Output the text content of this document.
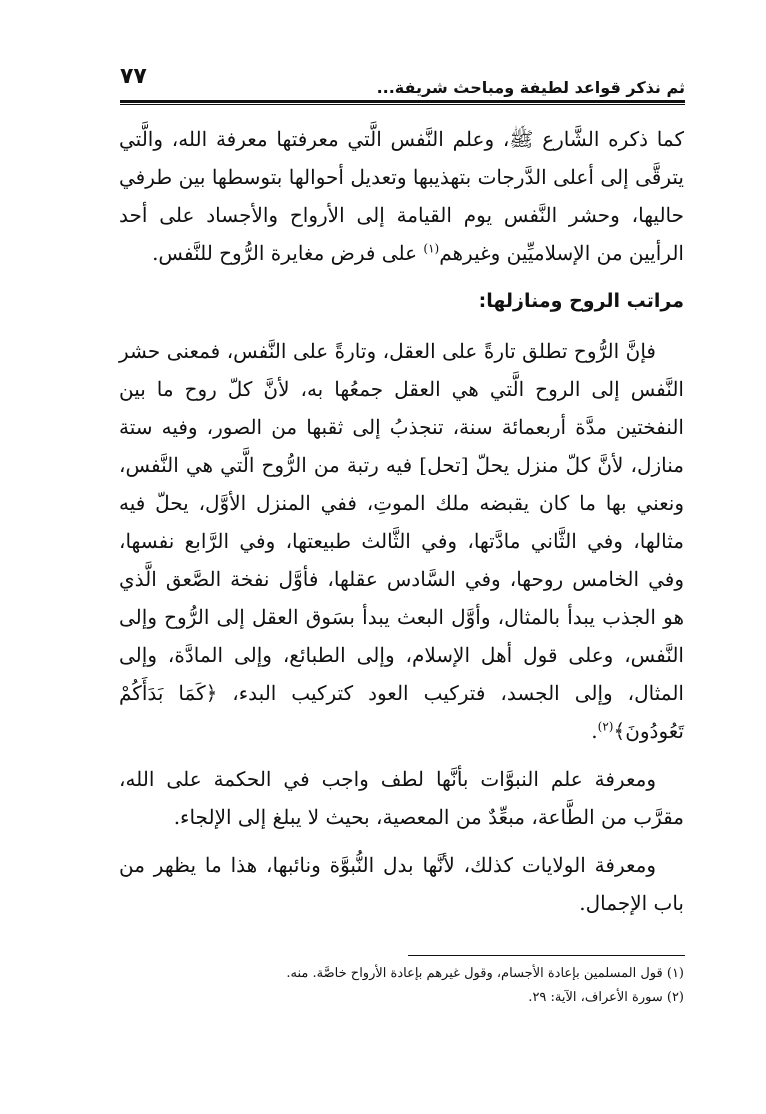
ثم نذكر قواعد لطيفة ومباحث شريفة...
٧٧

كما ذكره الشَّارع ﷺ، وعلم النَّفس الَّتي معرفتها معرفة الله، والَّتي يترقَّى إلى أعلى الدَّرجات بتهذيبها وتعديل أحوالها بتوسطها بين طرفي حاليها، وحشر النَّفس يوم القيامة إلى الأرواح والأجساد على أحد الرأيين من الإسلاميِّين وغيرهم$^{(١)}$ على فرض مغايرة الرُّوح للنَّفس.

مراتب الروح ومنازلها:

فإنَّ الرُّوح تطلق تارةً على العقل، وتارةً على النَّفس، فمعنى حشر النَّفس إلى الروح الَّتي هي العقل جمعُها به، لأنَّ كلّ روح ما بين النفختين مدَّة أربعمائة سنة، تنجذبُ إلى ثقبها من الصور، وفيه ستة منازل، لأنَّ كلّ منزل يحلّ [تحل] فيه رتبة من الرُّوح الَّتي هي النَّفس، ونعني بها ما كان يقبضه ملك الموتِ، ففي المنزل الأوَّل، يحلّ فيه مثالها، وفي الثَّاني مادَّتها، وفي الثَّالث طبيعتها، وفي الرَّابع نفسها، وفي الخامس روحها، وفي السَّادس عقلها، فأوَّل نفخة الصَّعق الَّذي هو الجذب يبدأ بالمثال، وأوَّل البعث يبدأ بسَوق العقل إلى الرُّوح وإلى النَّفس، وعلى قول أهل الإسلام، وإلى الطبائع، وإلى المادَّة، وإلى المثال، وإلى الجسد، فتركيب العود كتركيب البدء، ﴿كَمَا بَدَأَكُمْ تَعُودُونَ﴾$^{(٢)}$.

ومعرفة علم النبوَّات بأنَّها لطف واجب في الحكمة على الله، مقرَّب من الطَّاعة، مبعِّدٌ من المعصية، بحيث لا يبلغ إلى الإلجاء.

ومعرفة الولايات كذلك، لأنَّها بدل النُّبوَّة ونائبها، هذا ما يظهر من باب الإجمال.

(١) قول المسلمين بإعادة الأجسام، وقول غيرهم بإعادة الأرواح خاصَّة. منه.
(٢) سورة الأعراف، الآية: ٢٩.
